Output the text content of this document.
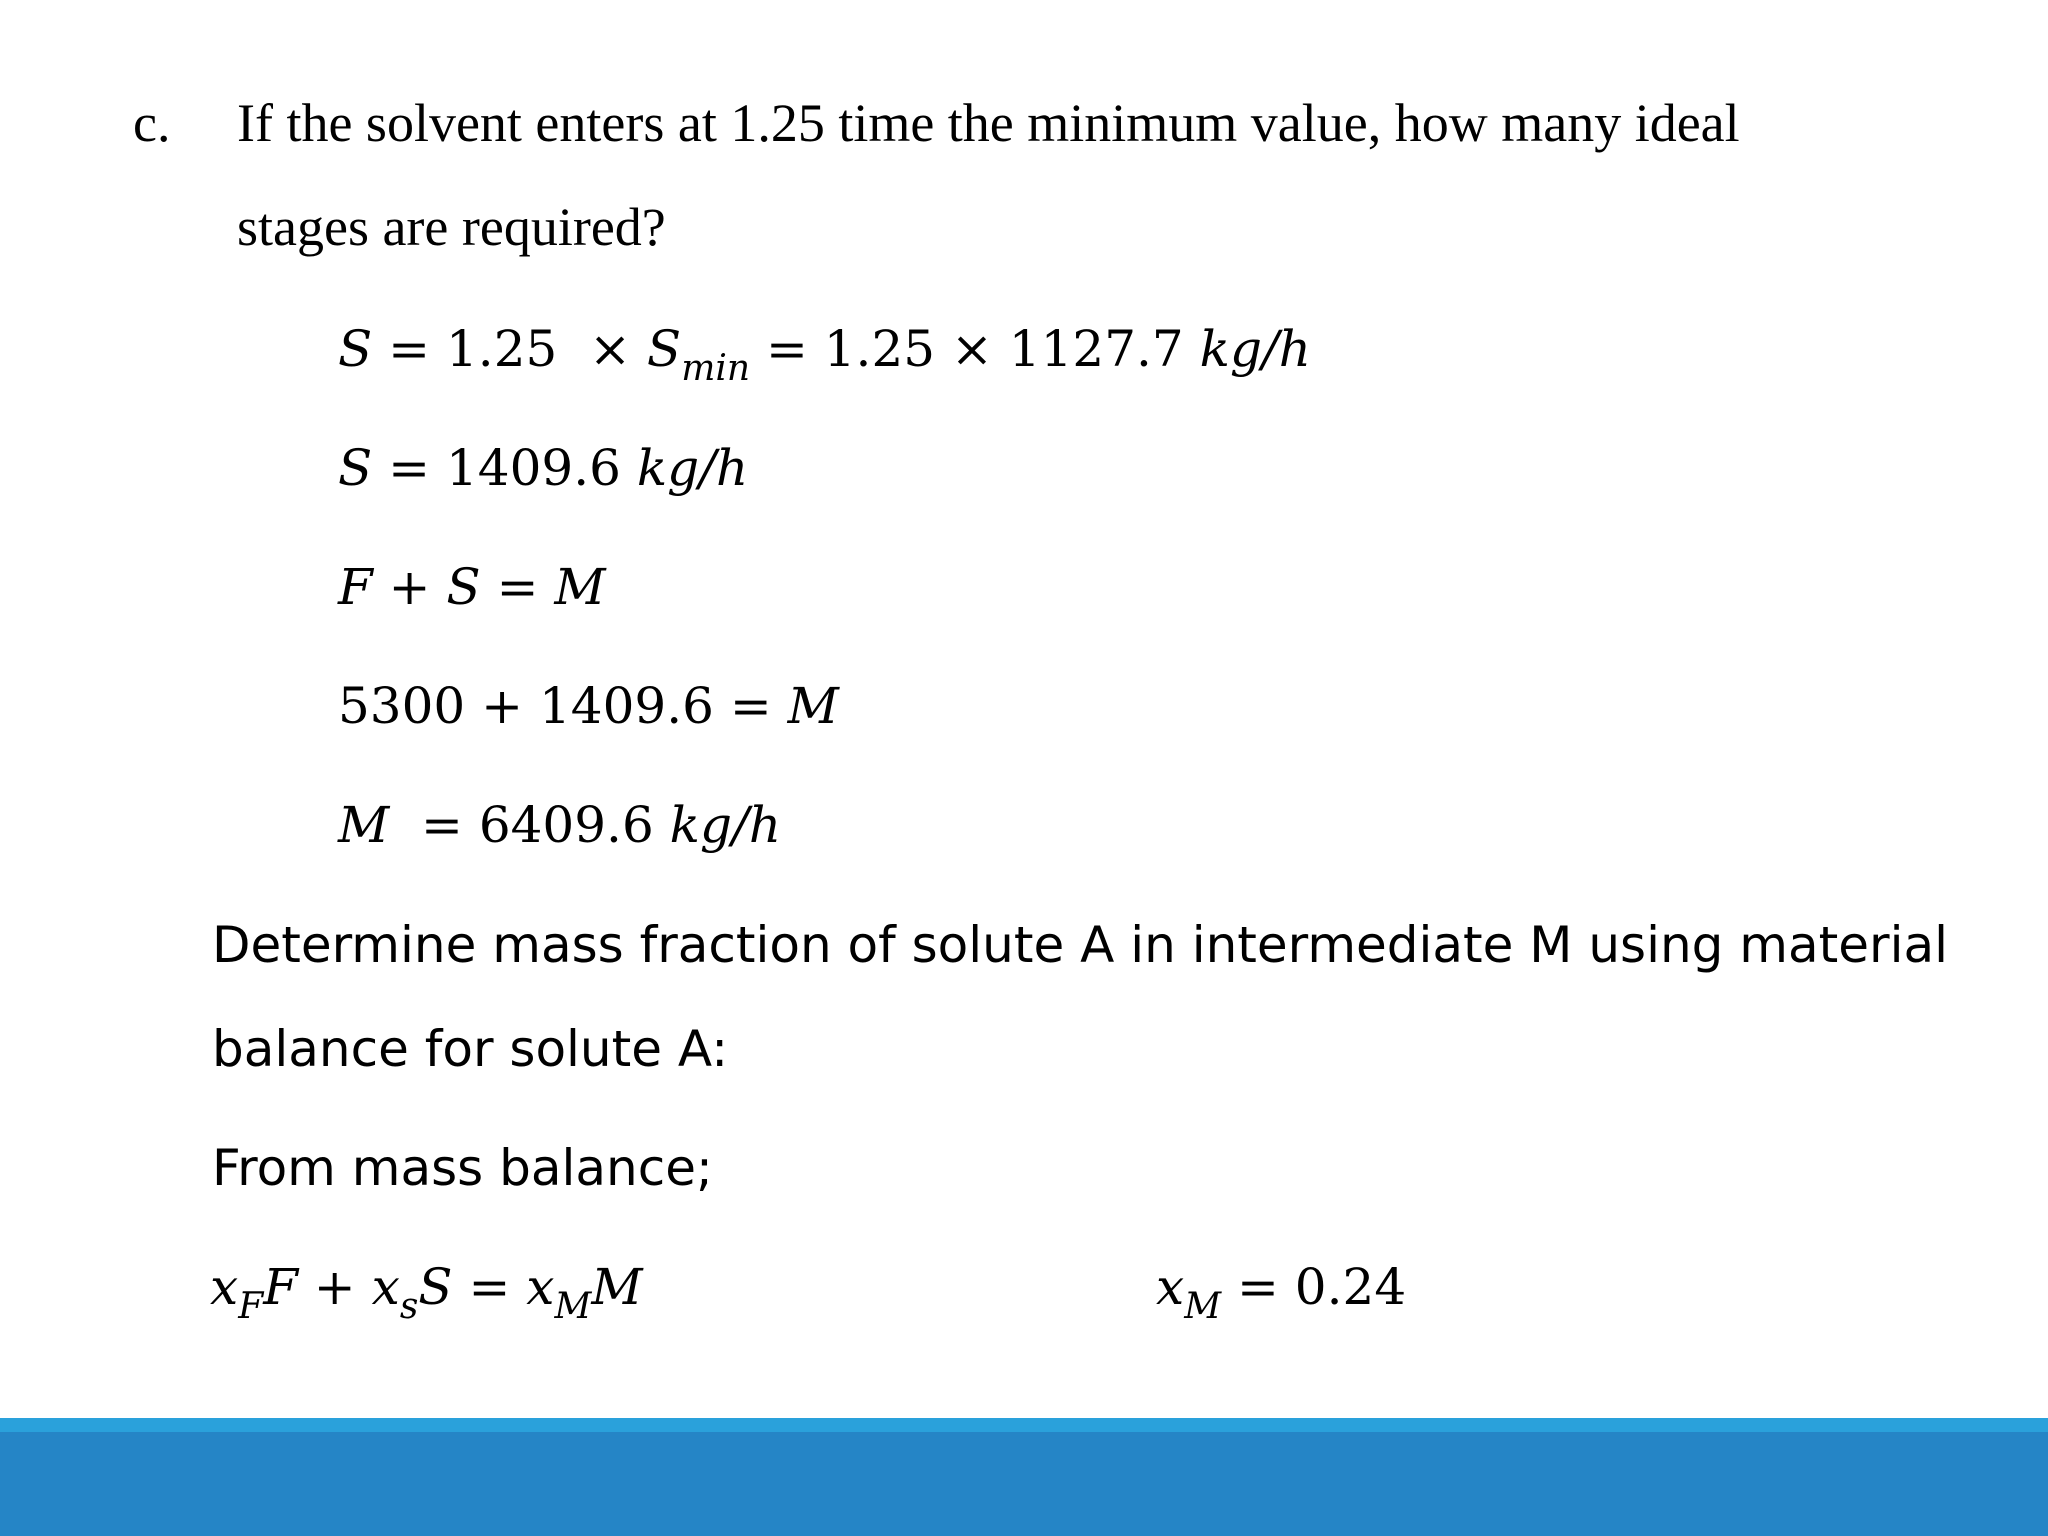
c. If the solvent enters at 1.25 time the minimum value, how many ideal
stages are required?
$S = 1.25 \times S_{min} = 1.25 \times 1127.7$ kg/h
S = 1409.6 kg/h
F + S = M
5300 + 1409.6 = M
M = 6409.6 kg/h
Determine mass fraction of solute A in intermediate M using material
balance for solute A:
From mass balance;
$x_FF + x_sS = x_MM$	$x_M = 0.24$
